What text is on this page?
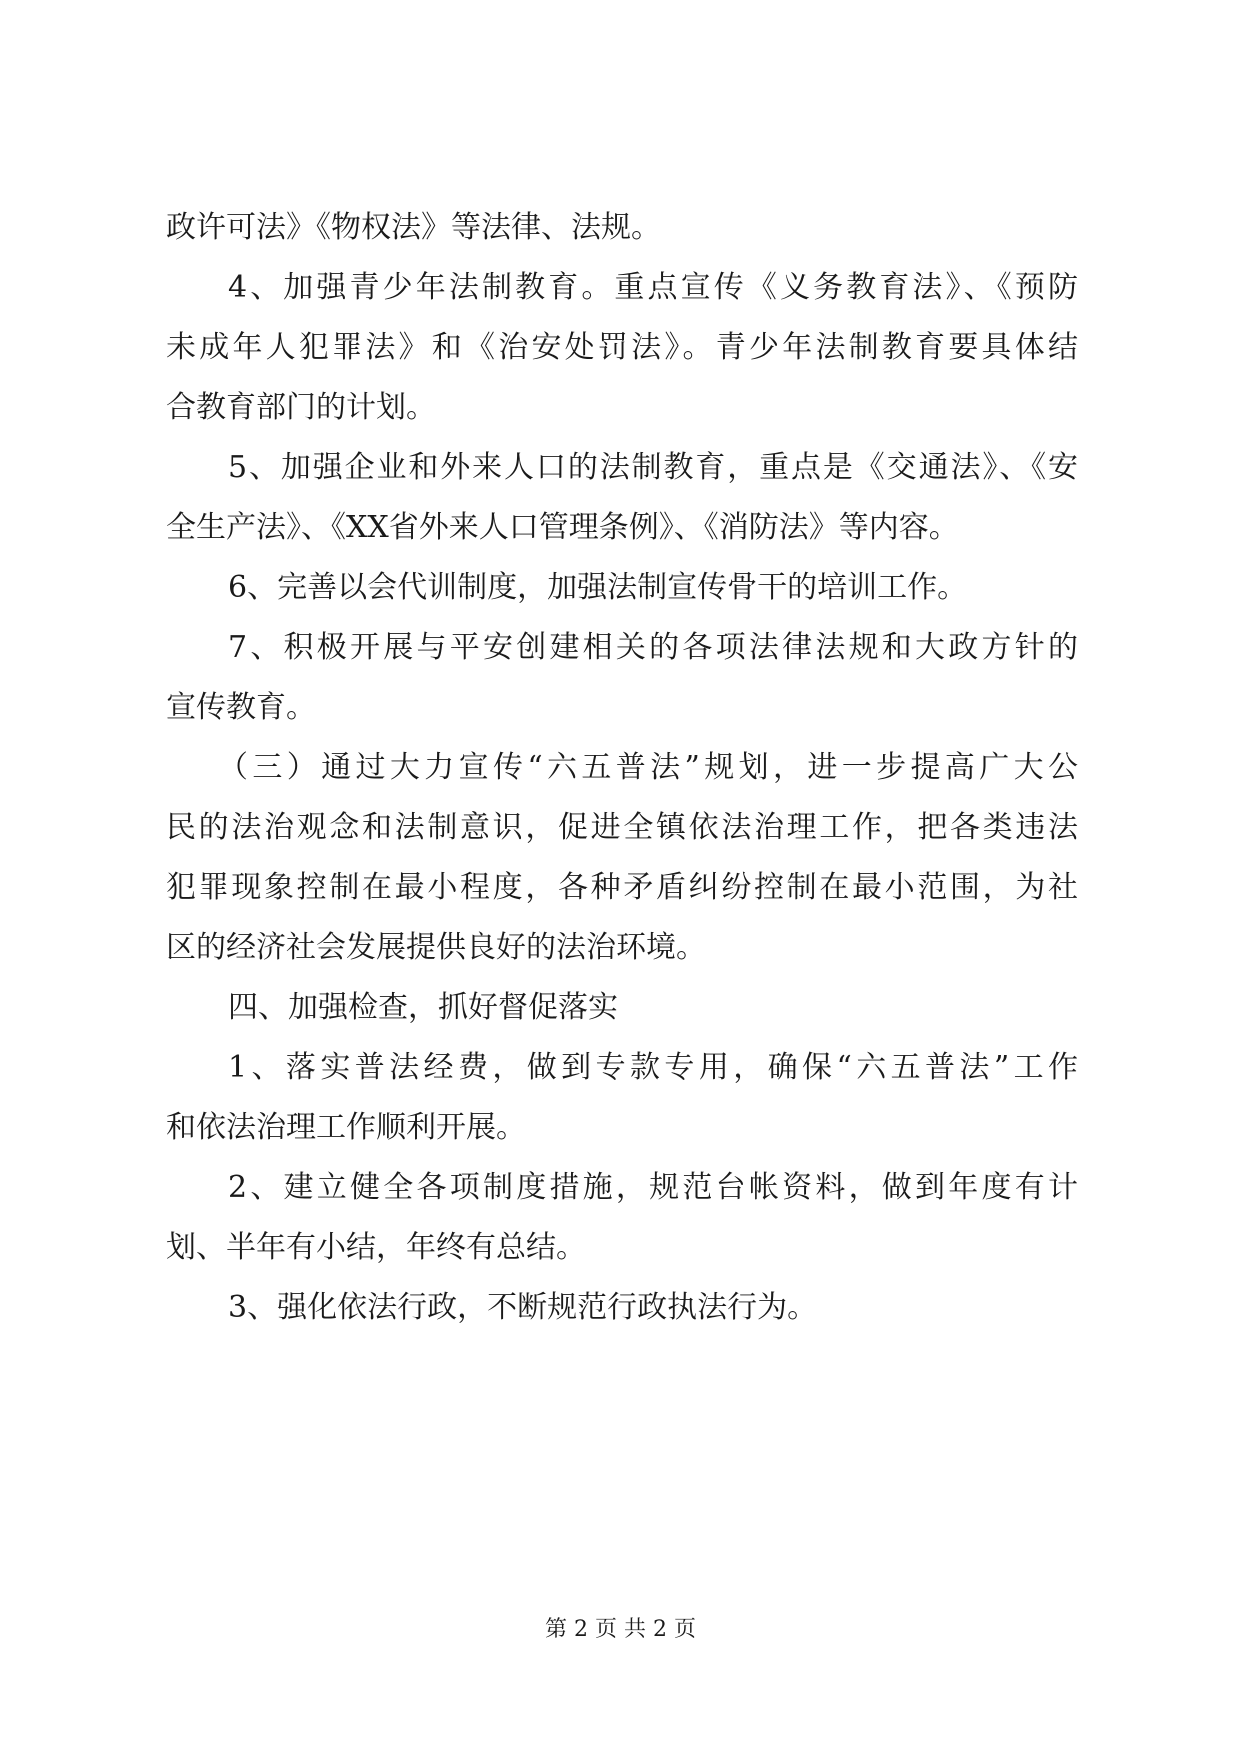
政许可法》《物权法》等法律、法规。
4、加强青少年法制教育。重点宣传《义务教育法》、《预防
未成年人犯罪法》和《治安处罚法》。青少年法制教育要具体结
合教育部门的计划。
5、加强企业和外来人口的法制教育，重点是《交通法》、《安
全生产法》、《XX省外来人口管理条例》、《消防法》等内容。
6、完善以会代训制度，加强法制宣传骨干的培训工作。
7、积极开展与平安创建相关的各项法律法规和大政方针的
宣传教育。
（三）通过大力宣传“六五普法”规划，进一步提高广大公
民的法治观念和法制意识，促进全镇依法治理工作，把各类违法
犯罪现象控制在最小程度，各种矛盾纠纷控制在最小范围，为社
区的经济社会发展提供良好的法治环境。
四、加强检查，抓好督促落实
1、落实普法经费，做到专款专用，确保“六五普法”工作
和依法治理工作顺利开展。
2、建立健全各项制度措施，规范台帐资料，做到年度有计
划、半年有小结，年终有总结。
3、强化依法行政，不断规范行政执法行为。
第 2 页 共 2 页
